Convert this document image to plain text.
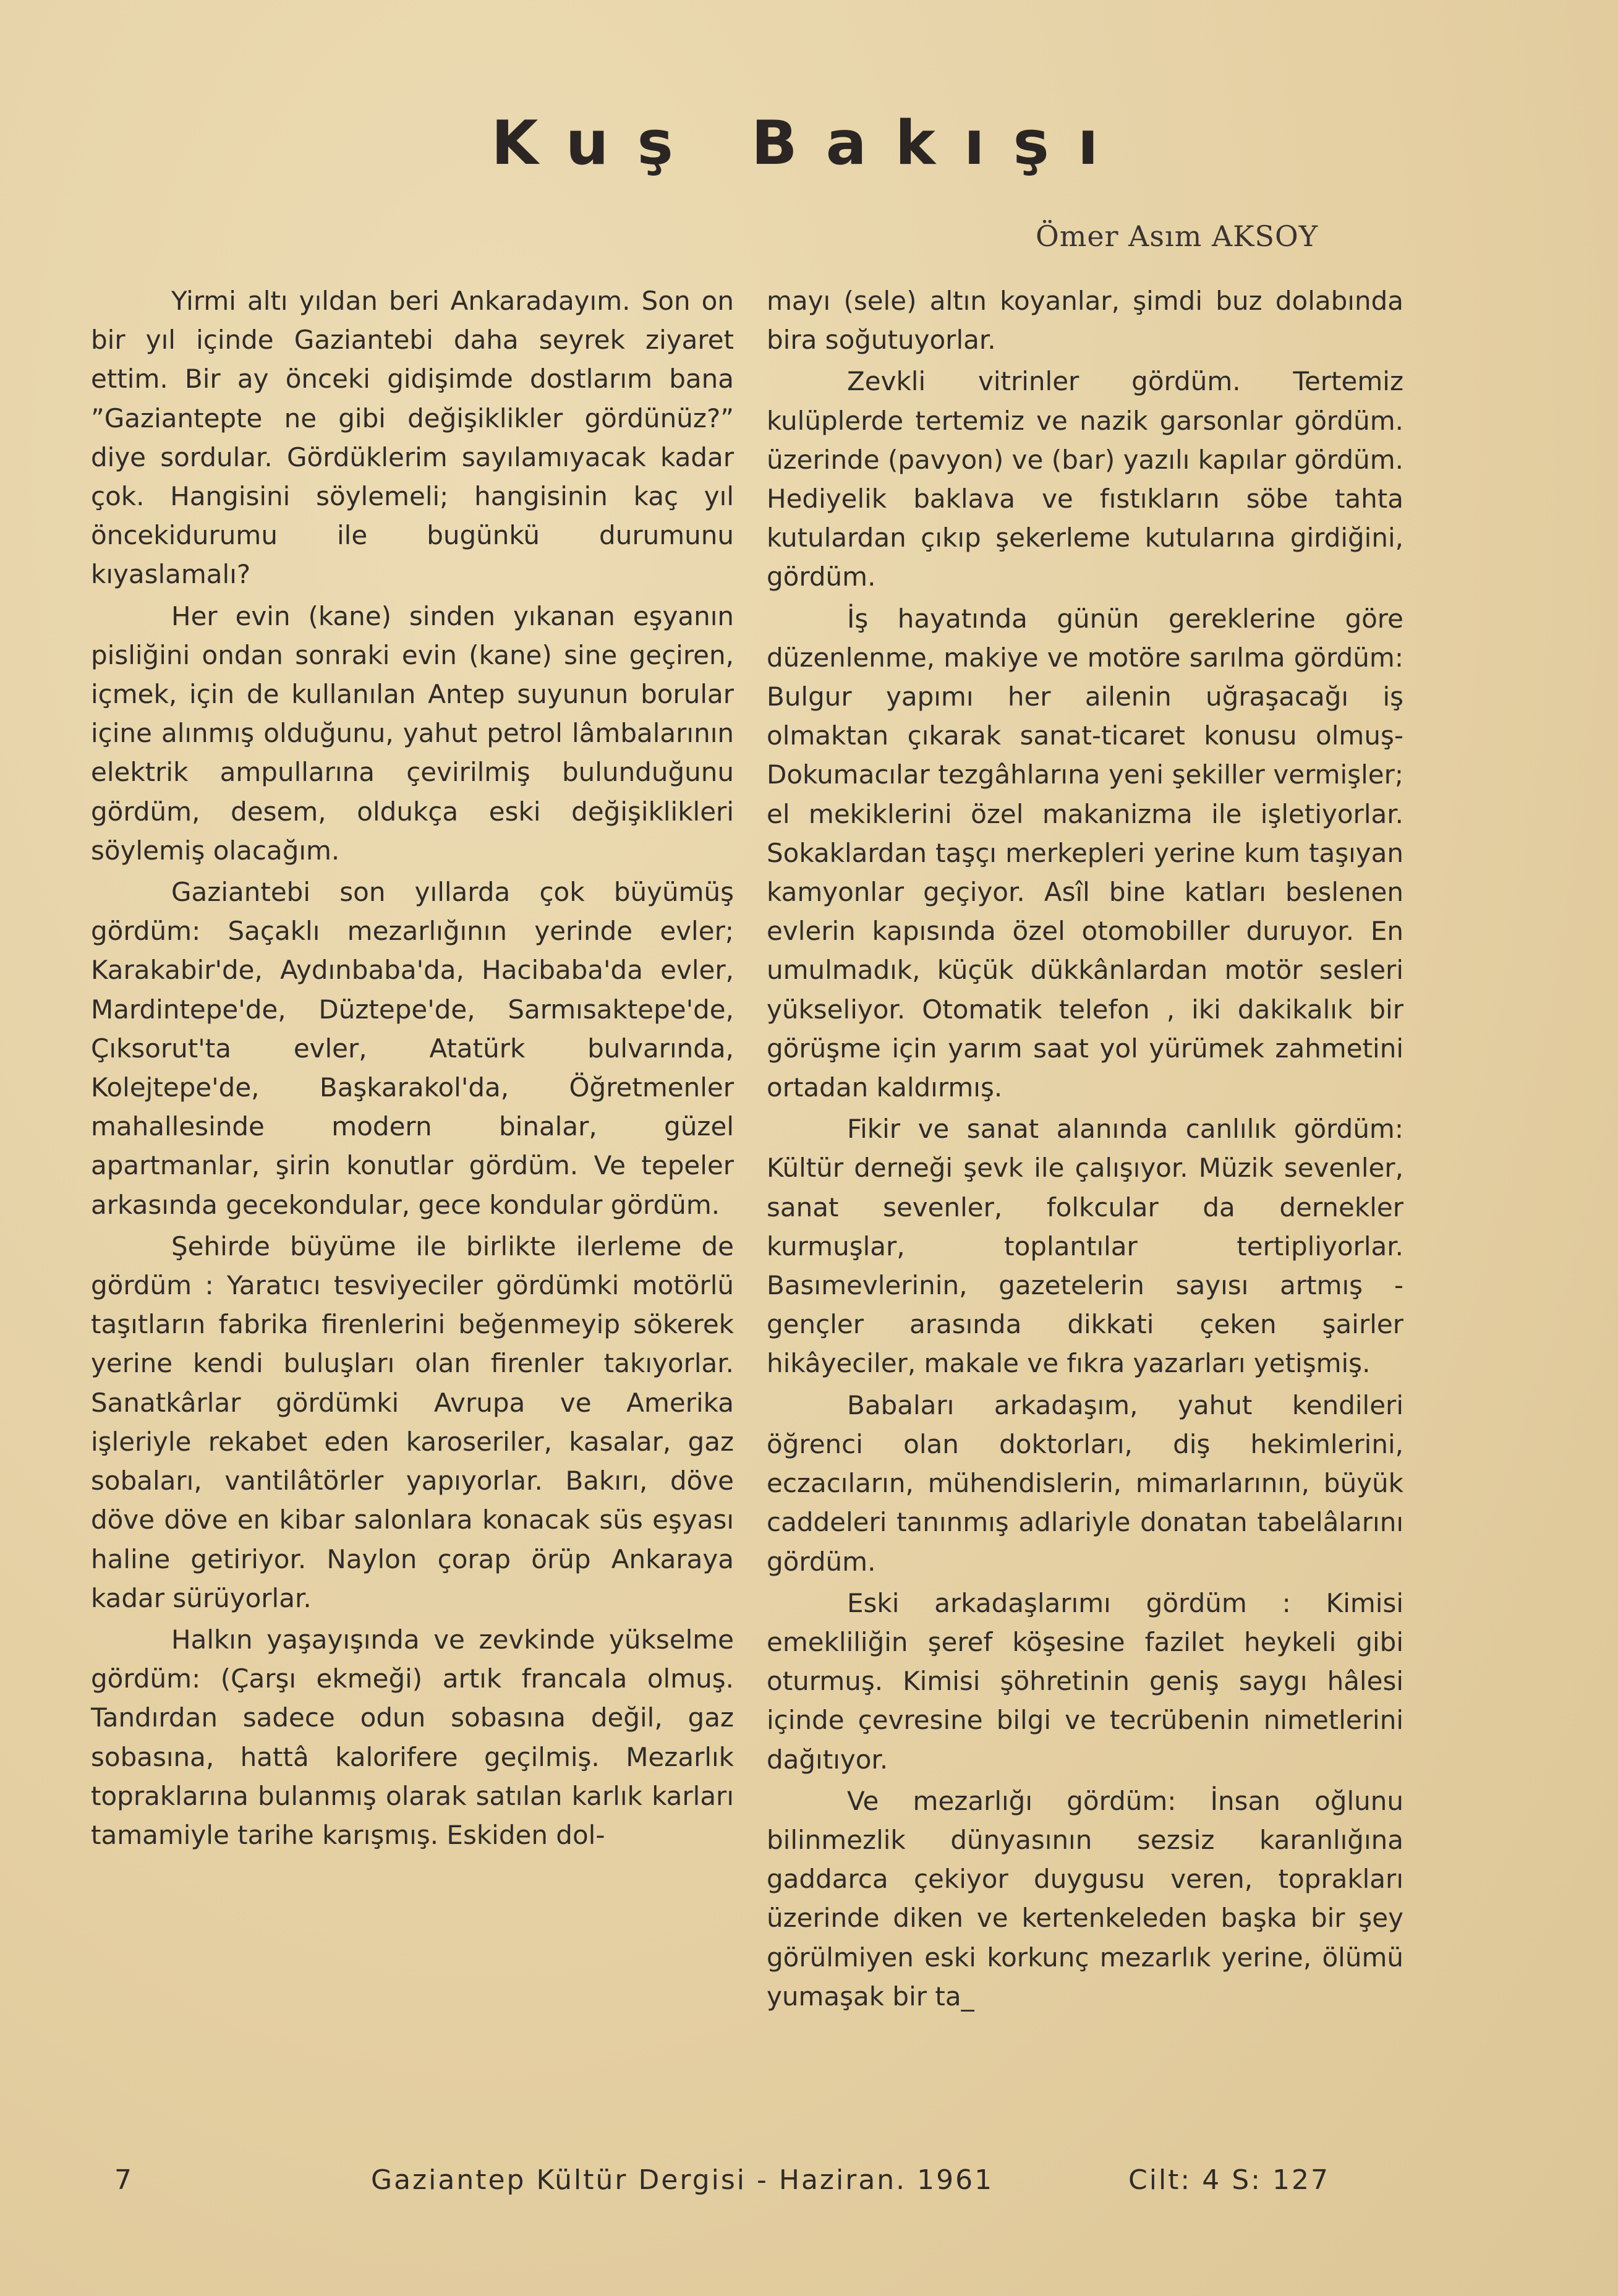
Kuş Bakışı
Ömer Asım AKSOY

Yirmi altı yıldan beri Ankaradayım. Son on bir yıl içinde Gaziantebi daha seyrek ziyaret ettim. Bir ay önceki gidişimde dostlarım bana ”Gaziantepte ne gibi değişiklikler gördünüz?” diye sordular. Gördüklerim sayılamıyacak kadar çok. Hangisini söylemeli; hangisinin kaç yıl öncekidurumu ile bugünkü durumunu kıyaslamalı?

Her evin (kane) sinden yıkanan eşyanın pisliğini ondan sonraki evin (kane) sine geçiren, içmek, için de kullanılan Antep suyunun borular içine alınmış olduğunu, yahut petrol lâmbalarının elektrik ampullarına çevirilmiş bulunduğunu gördüm, desem, oldukça eski değişiklikleri söylemiş olacağım.

Gaziantebi son yıllarda çok büyümüş gördüm: Saçaklı mezarlığının yerinde evler; Karakabir'de, Aydınbaba'da, Hacibaba'da evler, Mardintepe'de, Düztepe'de, Sarmısaktepe'de, Çıksorut'ta evler, Atatürk bulvarında, Kolejtepe'de, Başkarakol'da, Öğretmenler mahallesinde modern binalar, güzel apartmanlar, şirin konutlar gördüm. Ve tepeler arkasında gecekondular, gece kondular gördüm.

Şehirde büyüme ile birlikte ilerleme de gördüm : Yaratıcı tesviyeciler gördümki motörlü taşıtların fabrika firenlerini beğenmeyip sökerek yerine kendi buluşları olan firenler takıyorlar. Sanatkârlar gördümki Avrupa ve Amerika işleriyle rekabet eden karoseriler, kasalar, gaz sobaları, vantilâtörler yapıyorlar. Bakırı, döve döve döve en kibar salonlara konacak süs eşyası haline getiriyor. Naylon çorap örüp Ankaraya kadar sürüyorlar.

Halkın yaşayışında ve zevkinde yükselme gördüm: (Çarşı ekmeği) artık francala olmuş. Tandırdan sadece odun sobasına değil, gaz sobasına, hattâ kalorifere geçilmiş. Mezarlık topraklarına bulanmış olarak satılan karlık karları tamamiyle tarihe karışmış. Eskiden dol-

mayı (sele) altın koyanlar, şimdi buz dolabında bira soğutuyorlar.

Zevkli vitrinler gördüm. Tertemiz kulüplerde tertemiz ve nazik garsonlar gördüm. üzerinde (pavyon) ve (bar) yazılı kapılar gördüm. Hediyelik baklava ve fıstıkların söbe tahta kutulardan çıkıp şekerleme kutularına girdiğini, gördüm.

İş hayatında günün gereklerine göre düzenlenme, makiye ve motöre sarılma gördüm: Bulgur yapımı her ailenin uğraşacağı iş olmaktan çıkarak sanat-ticaret konusu olmuş- Dokumacılar tezgâhlarına yeni şekiller vermişler; el mekiklerini özel makanizma ile işletiyorlar. Sokaklardan taşçı merkepleri yerine kum taşıyan kamyonlar geçiyor. Asîl bine katları beslenen evlerin kapısında özel otomobiller duruyor. En umulmadık, küçük dükkânlardan motör sesleri yükseliyor. Otomatik telefon , iki dakikalık bir görüşme için yarım saat yol yürümek zahmetini ortadan kaldırmış.

Fikir ve sanat alanında canlılık gördüm: Kültür derneği şevk ile çalışıyor. Müzik sevenler, sanat sevenler, folkcular da dernekler kurmuşlar, toplantılar tertipliyorlar. Basımevlerinin, gazetelerin sayısı artmış - gençler arasında dikkati çeken şairler hikâyeciler, makale ve fıkra yazarları yetişmiş.

Babaları arkadaşım, yahut kendileri öğrenci olan doktorları, diş hekimlerini, eczacıların, mühendislerin, mimarlarının, büyük caddeleri tanınmış adlariyle donatan tabelâlarını gördüm.

Eski arkadaşlarımı gördüm : Kimisi emekliliğin şeref köşesine fazilet heykeli gibi oturmuş. Kimisi şöhretinin geniş saygı hâlesi içinde çevresine bilgi ve tecrübenin nimetlerini dağıtıyor.

Ve mezarlığı gördüm: İnsan oğlunu bilinmezlik dünyasının sezsiz karanlığına gaddarca çekiyor duygusu veren, toprakları üzerinde diken ve kertenkeleden başka bir şey görülmiyen eski korkunç mezarlık yerine, ölümü yumaşak bir ta_

7	Gaziantep Kültür Dergisi - Haziran. 1961	Cilt: 4 S: 127
